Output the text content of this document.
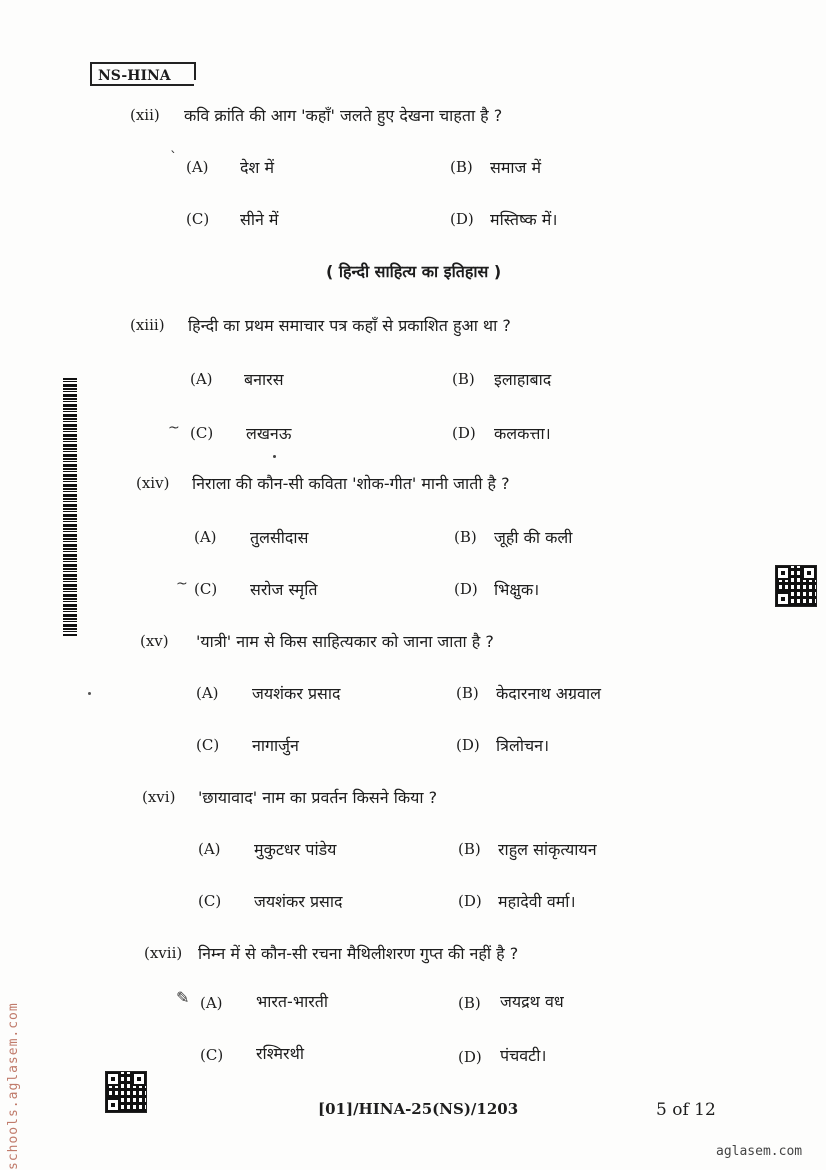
NS-HINA
(xii) कवि क्रांति की आग 'कहाँ' जलते हुए देखना चाहता है ?
` (A) देश में	(B) समाज में
(C) सीने में	(D) मस्तिष्क में।
( हिन्दी साहित्य का इतिहास )
(xiii) हिन्दी का प्रथम समाचार पत्र कहाँ से प्रकाशित हुआ था ?
(A) बनारस	(B) इलाहाबाद
~ (C) लखनऊ	(D) कलकत्ता।
(xiv) निराला की कौन-सी कविता 'शोक-गीत' मानी जाती है ?
(A) तुलसीदास	(B) जूही की कली
~ (C) सरोज स्मृति	(D) भिक्षुक।
(xv) 'यात्री' नाम से किस साहित्यकार को जाना जाता है ?
(A) जयशंकर प्रसाद	(B) केदारनाथ अग्रवाल
(C) नागार्जुन	(D) त्रिलोचन।
(xvi) 'छायावाद' नाम का प्रवर्तन किसने किया ?
(A) मुकुटधर पांडेय	(B) राहुल सांकृत्यायन
(C) जयशंकर प्रसाद	(D) महादेवी वर्मा।
(xvii) निम्न में से कौन-सी रचना मैथिलीशरण गुप्त की नहीं है ?
✎ (A) भारत-भारती	(B) जयद्रथ वध
(C) रश्मिरथी	(D) पंचवटी।
[01]/HINA-25(NS)/1203	5 of 12
aglasem.com
schools.aglasem.com
